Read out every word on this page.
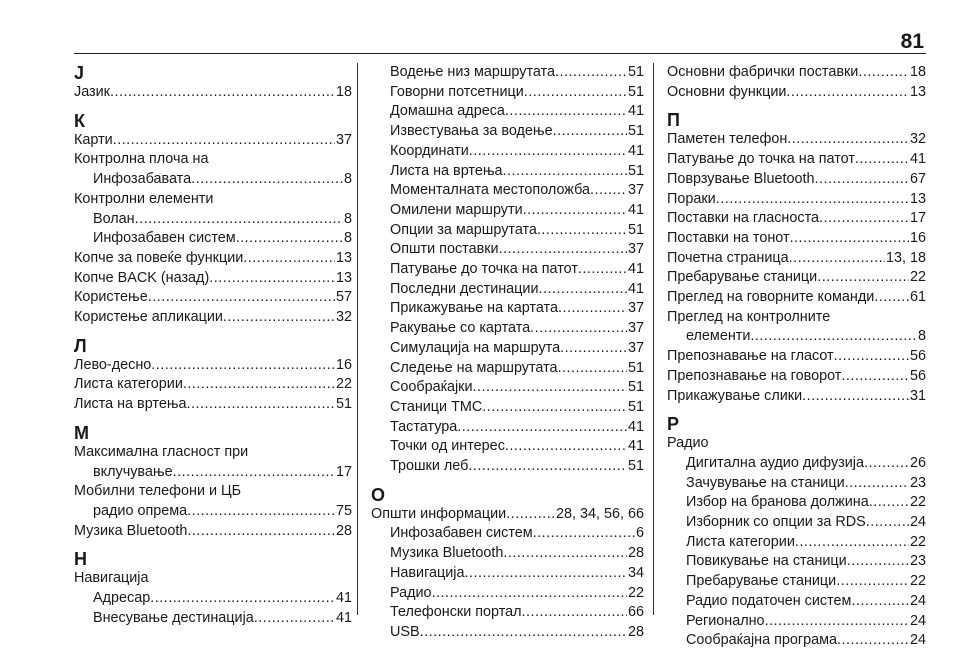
81
J
Јазик .....	18
К
Карти .....	37
Контролна плоча на
Инфозабавата .....	8
Контролни елементи
Волан .....	8
Инфозабавен систем .....	8
Копче за повеќе функции .....	13
Копче BACK (назад) .....	13
Користење .....	57
Користење апликации .....	32
Л
Лево-десно .....	16
Листа категории .....	22
Листа на вртења .....	51
М
Максимална гласност при
вклучување .....	17
Мобилни телефони и ЦБ
радио опрема .....	75
Музика Bluetooth .....	28
Н
Навигација
Адресар .....	41
Внесување дестинација .....	41
Водење низ маршрутата .....	51
Говорни потсетници .....	51
Домашна адреса .....	41
Известувања за водење .....	51
Координати .....	41
Листа на вртења .....	51
Моменталната местоположба .....	37
Омилени маршрути .....	41
Опции за маршрутата .....	51
Општи поставки .....	37
Патување до точка на патот .....	41
Последни дестинации .....	41
Прикажување на картата .....	37
Ракување со картата .....	37
Симулација на маршрута .....	37
Следење на маршрутата .....	51
Сообраќајки .....	51
Станици TMC .....	51
Тастатура .....	41
Точки од интерес .....	41
Трошки леб .....	51
О
Општи информации .....	28, 34, 56, 66
Инфозабавен систем .....	6
Музика Bluetooth .....	28
Навигација .....	34
Радио .....	22
Телефонски портал .....	66
USB .....	28
Основни фабрички поставки .....	18
Основни функции .....	13
П
Паметен телефон .....	32
Патување до точка на патот .....	41
Поврзување Bluetooth .....	67
Пораки .....	13
Поставки на гласноста .....	17
Поставки на тонот .....	16
Почетна страница .....	13, 18
Пребарување станици .....	22
Преглед на говорните команди ..... 61
Преглед на контролните
елементи .....	8
Препознавање на гласот .....	56
Препознавање на говорот .....	56
Прикажување слики .....	31
Р
Радио
Дигитална аудио дифузија .....	26
Зачувување на станици .....	23
Избор на бранова должина .....	22
Изборник со опции за RDS .....	24
Листа категории .....	22
Повикување на станици .....	23
Пребарување станици .....	22
Радио податочен систем .....	24
Регионално .....	24
Сообраќајна програма .....	24
